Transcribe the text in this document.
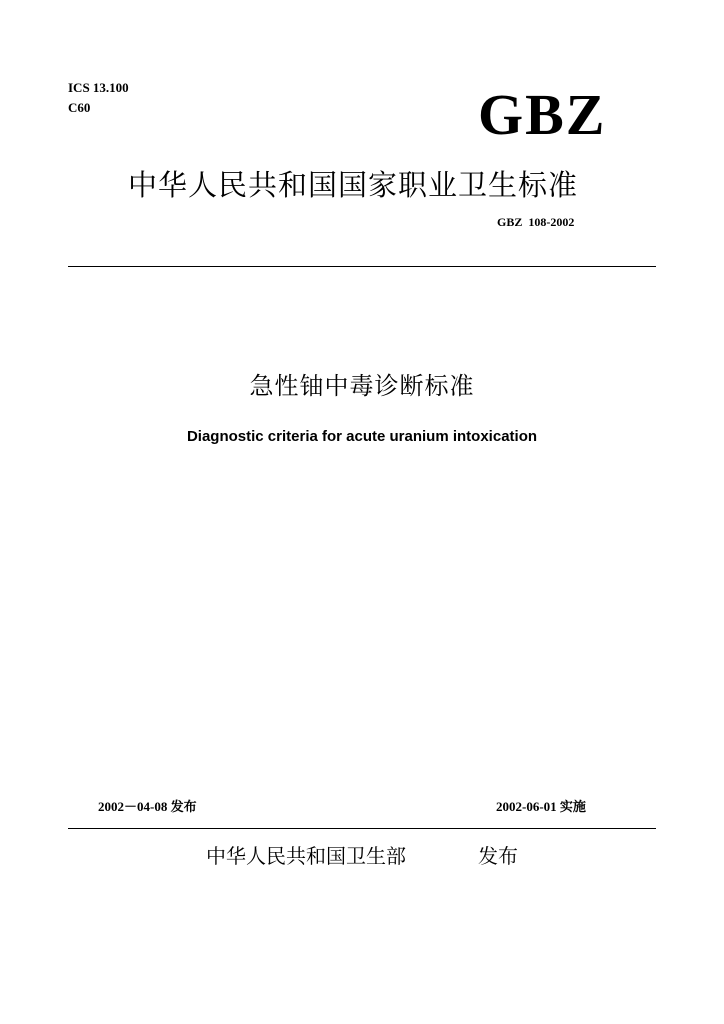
ICS 13.100
C60	GBZ
中华人民共和国国家职业卫生标准
GBZ  108-2002
急性铀中毒诊断标准
Diagnostic criteria for acute uranium intoxication
2002－04-08 发布	2002-06-01 实施
中华人民共和国卫生部	发布
